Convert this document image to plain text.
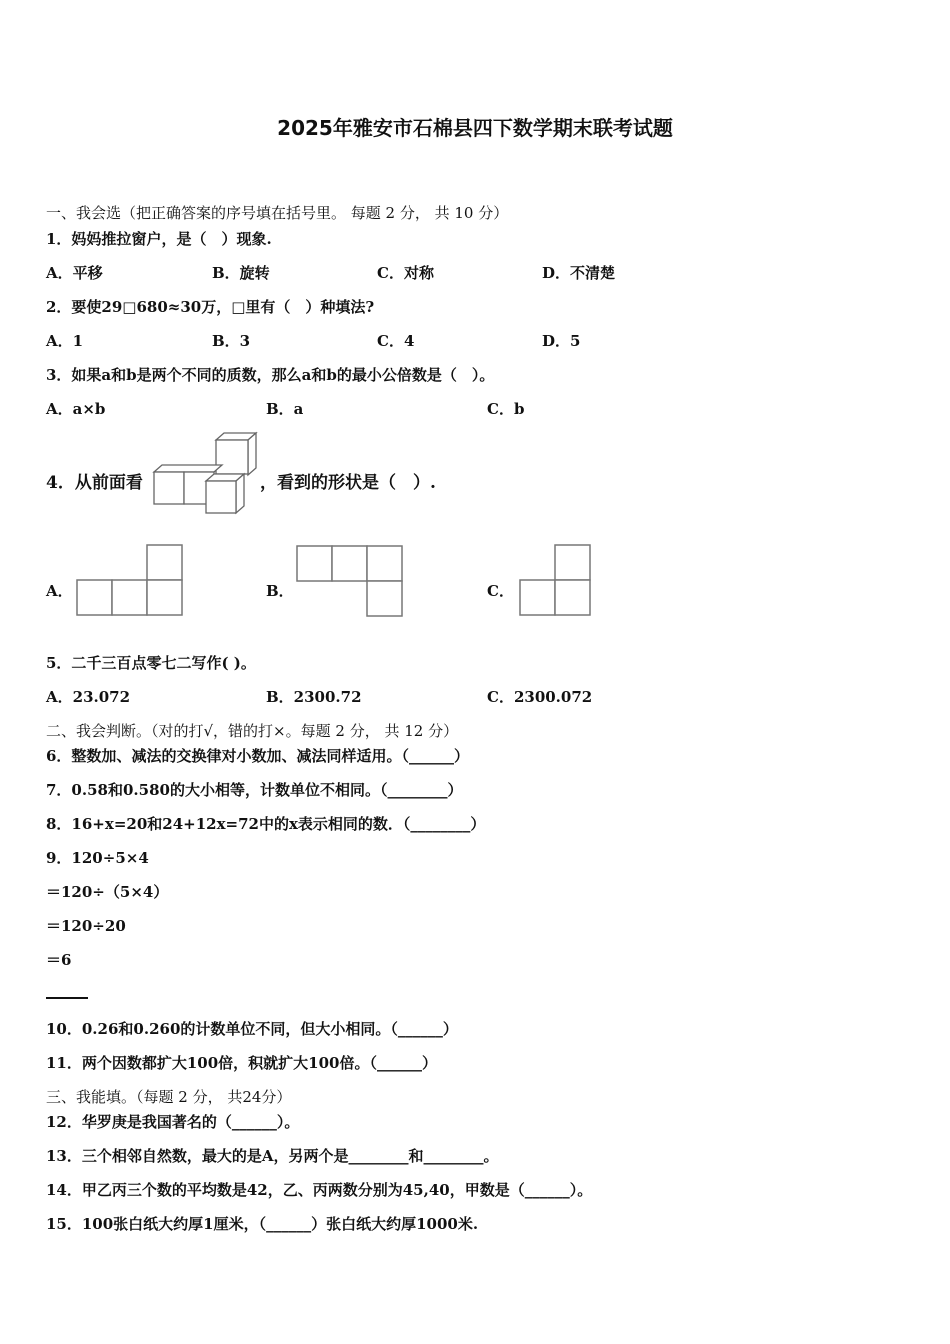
2025年雅安市石棉县四下数学期末联考试题
一、我会选（把正确答案的序号填在括号里。 每题 2 分， 共 10 分）
1．妈妈推拉窗户，是（　）现象.
A．平移	B．旋转	C．对称	D．不清楚
2．要使29□680≈30万，□里有（　）种填法?
A．1	B．3	C．4	D．5
3．如果a和b是两个不同的质数，那么a和b的最小公倍数是（　）。
A．a×b	B．a	C．b
4．从前面看	，看到的形状是（　）.
A．	B．	C．
5．二千三百点零七二写作( )。
A．23.072	B．2300.72	C．2300.072
二、我会判断。（对的打√，错的打×。每题 2 分， 共 12 分）
6．整数加、减法的交换律对小数加、减法同样适用。（______）
7．0.58和0.580的大小相等，计数单位不相同。（________）
8．16+x=20和24+12x=72中的x表示相同的数．（________）
9．120÷5×4
＝120÷（5×4）
＝120÷20
＝6
10．0.26和0.260的计数单位不同，但大小相同。（______）
11．两个因数都扩大100倍，积就扩大100倍。（______）
三、我能填。（每题 2 分， 共24分）
12．华罗庚是我国著名的（______）。
13．三个相邻自然数，最大的是A，另两个是________和________。
14．甲乙丙三个数的平均数是42，乙、丙两数分别为45,40，甲数是（______）。
15．100张白纸大约厚1厘米，（______）张白纸大约厚1000米.
